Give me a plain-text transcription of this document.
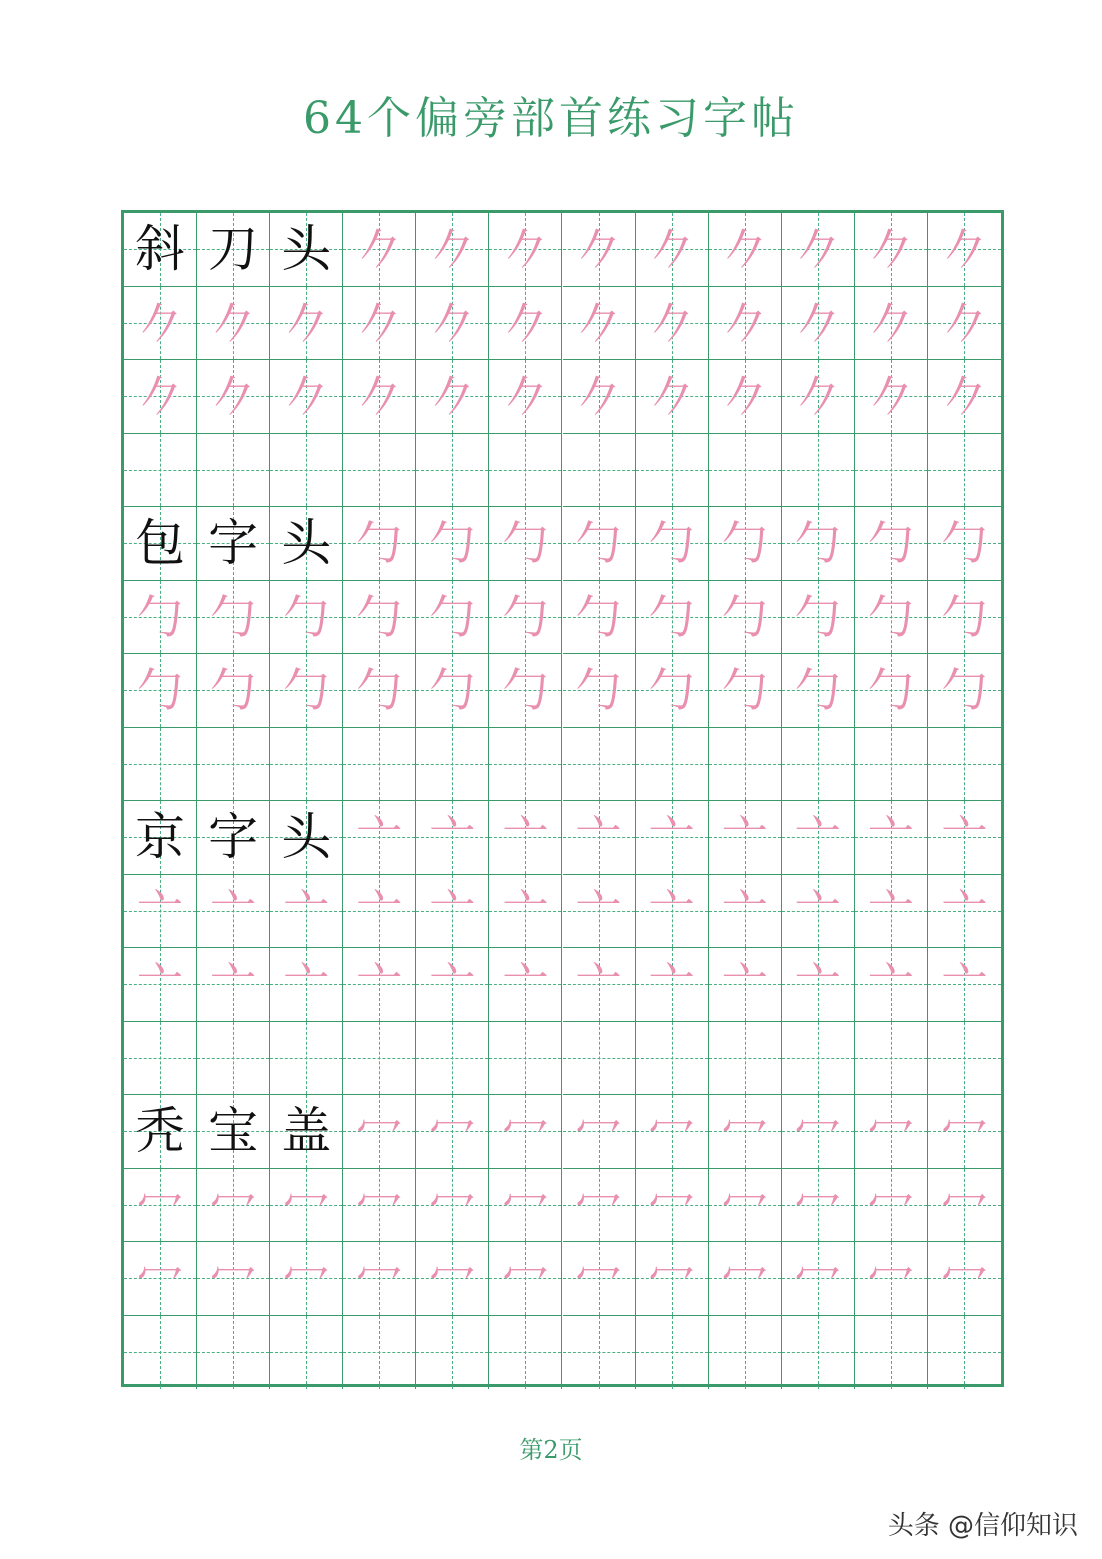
64个偏旁部首练习字帖
斜 刀 头 𠂊 𠂊 𠂊 𠂊 𠂊 𠂊 𠂊 𠂊 𠂊
𠂊 𠂊 𠂊 𠂊 𠂊 𠂊 𠂊 𠂊 𠂊 𠂊 𠂊 𠂊
𠂊 𠂊 𠂊 𠂊 𠂊 𠂊 𠂊 𠂊 𠂊 𠂊 𠂊 𠂊
包 字 头 勹 勹 勹 勹 勹 勹 勹 勹 勹
勹 勹 勹 勹 勹 勹 勹 勹 勹 勹 勹 勹
勹 勹 勹 勹 勹 勹 勹 勹 勹 勹 勹 勹
京 字 头 亠 亠 亠 亠 亠 亠 亠 亠 亠
亠 亠 亠 亠 亠 亠 亠 亠 亠 亠 亠 亠
亠 亠 亠 亠 亠 亠 亠 亠 亠 亠 亠 亠
秃 宝 盖 冖 冖 冖 冖 冖 冖 冖 冖 冖
冖 冖 冖 冖 冖 冖 冖 冖 冖 冖 冖 冖
冖 冖 冖 冖 冖 冖 冖 冖 冖 冖 冖 冖
第2页
头条 @信仰知识
